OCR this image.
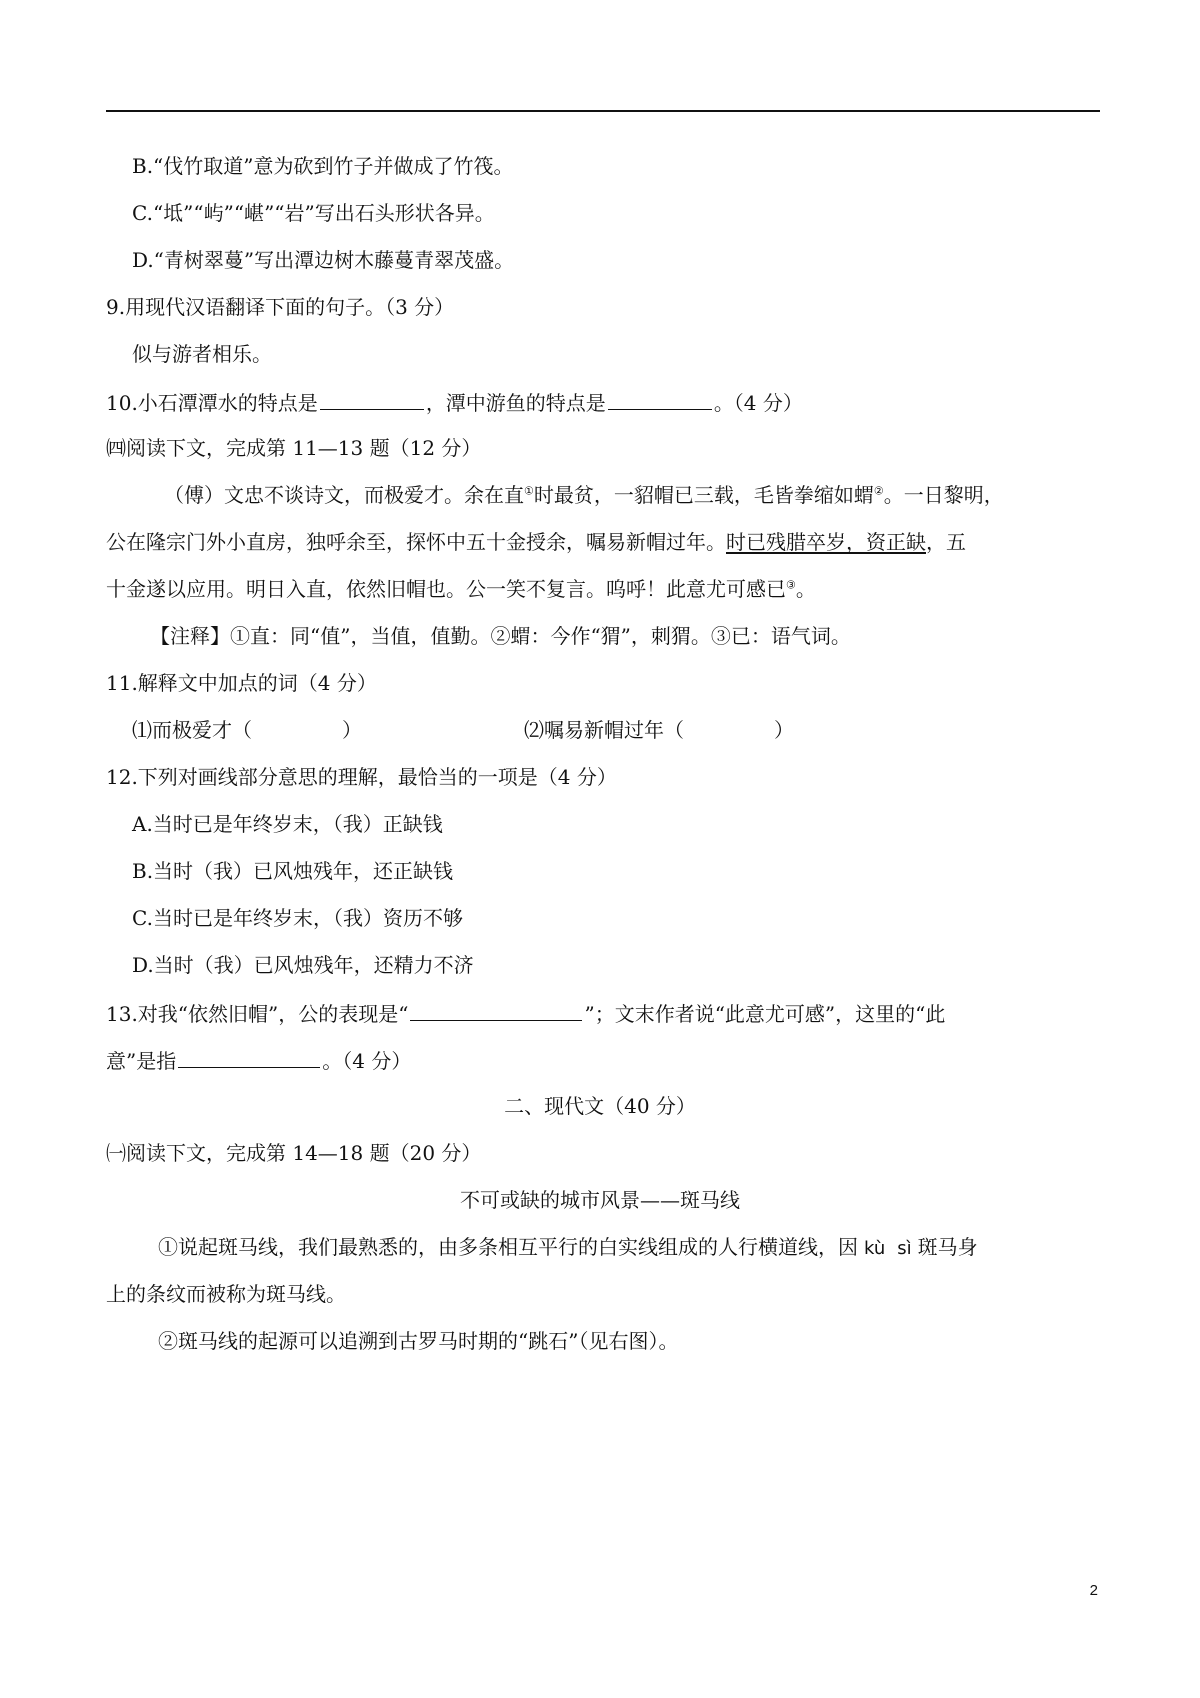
B.“伐竹取道”意为砍到竹子并做成了竹筏。
C.“坻”“屿”“嵁”“岩”写出石头形状各异。
D.“青树翠蔓”写出潭边树木藤蔓青翠茂盛。
9.用现代汉语翻译下面的句子。（3 分）
似与游者相乐。
10.小石潭潭水的特点是	，潭中游鱼的特点是	。（4 分）
㈣阅读下文，完成第 11—13 题（12 分）
（傅）文忠不谈诗文，而极爱才。余在直①时最贫，一貂帽已三载，毛皆拳缩如蝟②。一日黎明，
公在隆宗门外小直房，独呼余至，探怀中五十金授余，嘱易新帽过年。时已残腊卒岁，资正缺，五
十金遂以应用。明日入直，依然旧帽也。公一笑不复言。呜呼！此意尤可感已③。
【注释】①直：同“值”，当值，值勤。②蝟：今作“猬”，刺猬。③已：语气词。
11.解释文中加点的词（4 分）
⑴而极爱才（	）	⑵嘱易新帽过年（	）
12.下列对画线部分意思的理解，最恰当的一项是（4 分）
A.当时已是年终岁末，（我）正缺钱
B.当时（我）已风烛残年，还正缺钱
C.当时已是年终岁末，（我）资历不够
D.当时（我）已风烛残年，还精力不济
13.对我“依然旧帽”，公的表现是“	”；文末作者说“此意尤可感”，这里的“此
意”是指	。（4 分）
二、现代文（40 分）
㈠阅读下文，完成第 14—18 题（20 分）
不可或缺的城市风景——斑马线
①说起斑马线，我们最熟悉的，由多条相互平行的白实线组成的人行横道线，因 kù sì 斑马身
上的条纹而被称为斑马线。
②斑马线的起源可以追溯到古罗马时期的“跳石”（见右图）。
2
